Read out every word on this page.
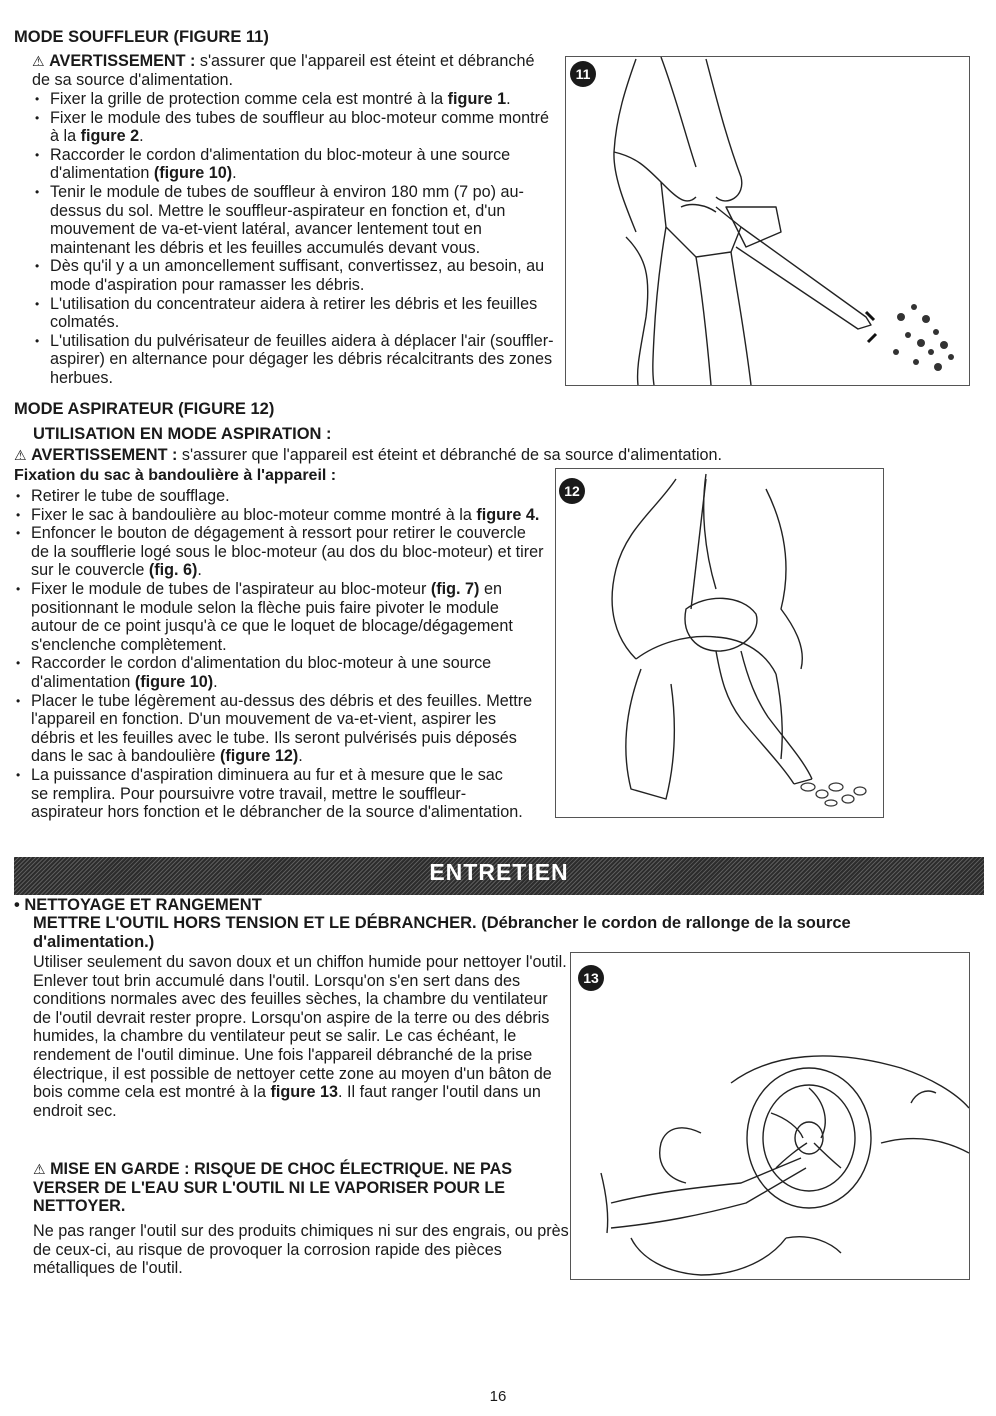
MODE SOUFFLEUR (FIGURE 11)
⚠ AVERTISSEMENT : s'assurer que l'appareil est éteint et débranché de sa source d'alimentation.
• Fixer la grille de protection comme cela est montré à la figure 1.
• Fixer le module des tubes de souffleur au bloc-moteur comme montré à la figure 2.
• Raccorder le cordon d'alimentation du bloc-moteur à une source d'alimentation (figure 10).
• Tenir le module de tubes de souffleur à environ 180 mm (7 po) au-dessus du sol. Mettre le souffleur-aspirateur en fonction et, d'un mouvement de va-et-vient latéral, avancer lentement tout en maintenant les débris et les feuilles accumulés devant vous.
• Dès qu'il y a un amoncellement suffisant, convertissez, au besoin, au mode d'aspiration pour ramasser les débris.
• L'utilisation du concentrateur aidera à retirer les débris et les feuilles colmatés.
• L'utilisation du pulvérisateur de feuilles aidera à déplacer l'air (souffler-aspirer) en alternance pour dégager les débris récalcitrants des zones herbues.
11
MODE ASPIRATEUR (FIGURE 12)
UTILISATION EN MODE ASPIRATION :
⚠ AVERTISSEMENT : s'assurer que l'appareil est éteint et débranché de sa source d'alimentation.
Fixation du sac à bandoulière à l'appareil :
• Retirer le tube de soufflage.
• Fixer le sac à bandoulière au bloc-moteur comme montré à la figure 4.
• Enfoncer le bouton de dégagement à ressort pour retirer le couvercle de la soufflerie logé sous le bloc-moteur (au dos du bloc-moteur) et tirer sur le couvercle (fig. 6).
• Fixer le module de tubes de l'aspirateur au bloc-moteur (fig. 7) en positionnant le module selon la flèche puis faire pivoter le module autour de ce point jusqu'à ce que le loquet de blocage/dégagement s'enclenche complètement.
• Raccorder le cordon d'alimentation du bloc-moteur à une source d'alimentation (figure 10).
• Placer le tube légèrement au-dessus des débris et des feuilles. Mettre l'appareil en fonction. D'un mouvement de va-et-vient, aspirer les débris et les feuilles avec le tube. Ils seront pulvérisés puis déposés dans le sac à bandoulière (figure 12).
• La puissance d'aspiration diminuera au fur et à mesure que le sac
se remplira. Pour poursuivre votre travail, mettre le souffleur-
aspirateur hors fonction et le débrancher de la source d'alimentation.
12
ENTRETIEN
• NETTOYAGE ET RANGEMENT
METTRE L'OUTIL HORS TENSION ET LE DÉBRANCHER. (Débrancher le cordon de rallonge de la source d'alimentation.)
Utiliser seulement du savon doux et un chiffon humide pour nettoyer l'outil. Enlever tout brin accumulé dans l'outil. Lorsqu'on s'en sert dans des conditions normales avec des feuilles sèches, la chambre du ventilateur de l'outil devrait rester propre. Lorsqu'on aspire de la terre ou des débris humides, la chambre du ventilateur peut se salir. Le cas échéant, le rendement de l'outil diminue. Une fois l'appareil débranché de la prise électrique, il est possible de nettoyer cette zone au moyen d'un bâton de bois comme cela est montré à la figure 13. Il faut ranger l'outil dans un endroit sec.
⚠ MISE EN GARDE : RISQUE DE CHOC ÉLECTRIQUE. NE PAS VERSER DE L'EAU SUR L'OUTIL NI LE VAPORISER POUR LE NETTOYER.
Ne pas ranger l'outil sur des produits chimiques ni sur des engrais, ou près de ceux-ci, au risque de provoquer la corrosion rapide des pièces métalliques de l'outil.
13
16
